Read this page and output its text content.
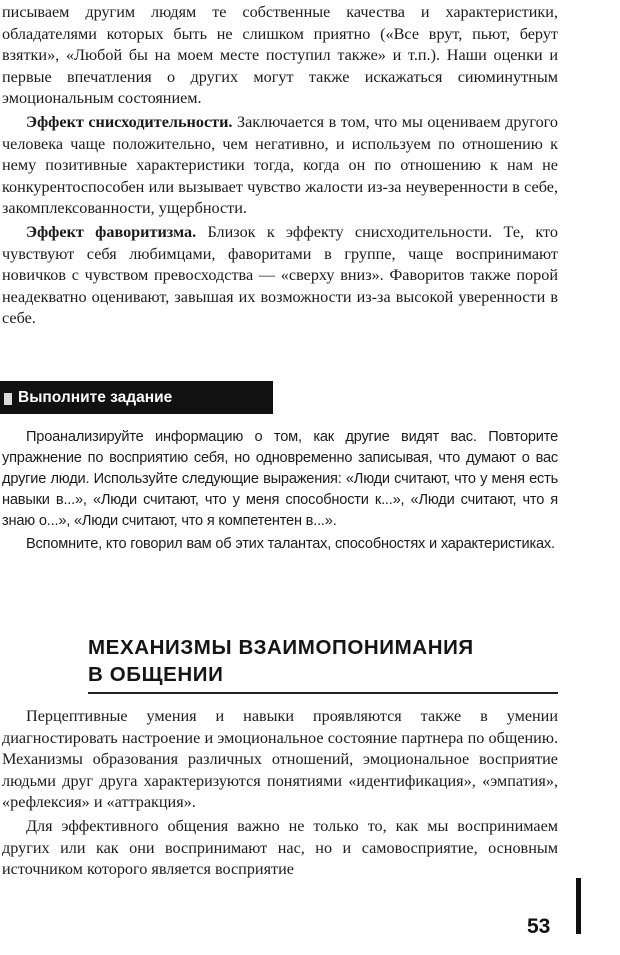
писываем другим людям те собственные качества и характеристики, обладателями которых быть не слишком приятно («Все врут, пьют, берут взятки», «Любой бы на моем месте поступил также» и т.п.). Наши оценки и первые впечатления о других могут также искажаться сиюминутным эмоциональным состоянием.

Эффект снисходительности. Заключается в том, что мы оцениваем другого человека чаще положительно, чем негативно, и используем по отношению к нему позитивные характеристики тогда, когда он по отношению к нам не конкурентоспособен или вызывает чувство жалости из-за неуверенности в себе, закомплексованности, ущербности.

Эффект фаворитизма. Близок к эффекту снисходительности. Те, кто чувствуют себя любимцами, фаворитами в группе, чаще воспринимают новичков с чувством превосходства — «сверху вниз». Фаворитов также порой неадекватно оценивают, завышая их возможности из-за высокой уверенности в себе.

Выполните задание

Проанализируйте информацию о том, как другие видят вас. Повторите упражнение по восприятию себя, но одновременно записывая, что думают о вас другие люди. Используйте следующие выражения: «Люди считают, что у меня есть навыки в...», «Люди считают, что у меня способности к...», «Люди считают, что я знаю о...», «Люди считают, что я компетентен в...».

Вспомните, кто говорил вам об этих талантах, способностях и характеристиках.

МЕХАНИЗМЫ ВЗАИМОПОНИМАНИЯ
В ОБЩЕНИИ

Перцептивные умения и навыки проявляются также в умении диагностировать настроение и эмоциональное состояние партнера по общению. Механизмы образования различных отношений, эмоциональное восприятие людьми друг друга характеризуются понятиями «идентификация», «эмпатия», «рефлексия» и «аттракция».

Для эффективного общения важно не только то, как мы воспринимаем других или как они воспринимают нас, но и самовосприятие, основным источником которого является восприятие

53
